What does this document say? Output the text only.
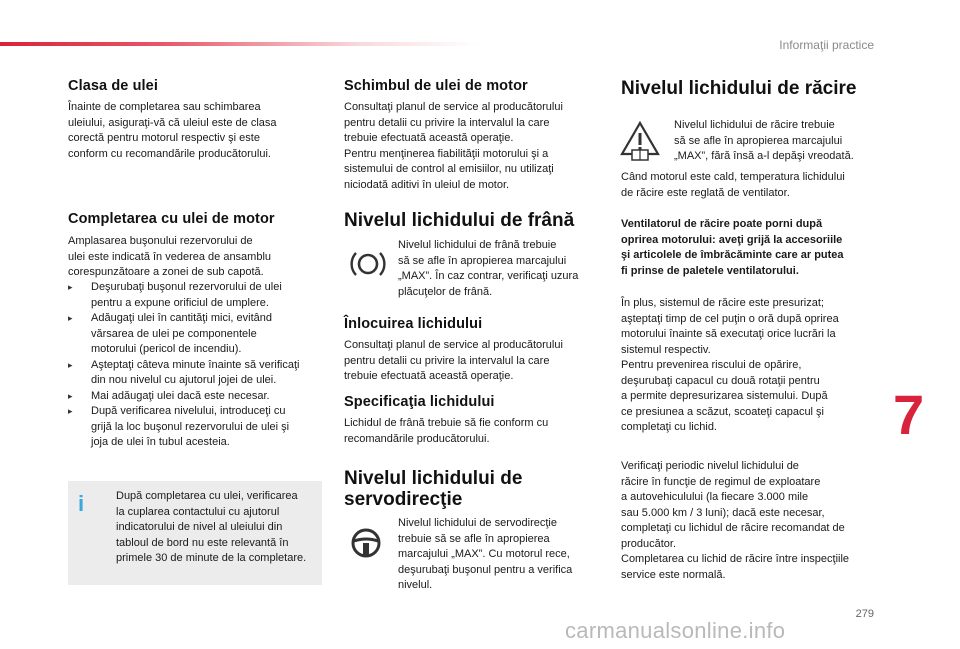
Informaţii practice
Clasa de ulei

Înainte de completarea sau schimbarea
uleiului, asiguraţi-vă că uleiul este de clasa
corectă pentru motorul respectiv şi este
conform cu recomandările producătorului.

Completarea cu ulei de motor

Amplasarea buşonului rezervorului de
ulei este indicată în vederea de ansamblu
corespunzătoare a zonei de sub capotă.

▸ Deşurubaţi buşonul rezervorului de ulei
pentru a expune orificiul de umplere.
▸ Adăugaţi ulei în cantităţi mici, evitând
vărsarea de ulei pe componentele
motorului (pericol de incendiu).
▸ Aşteptaţi câteva minute înainte să verificaţi
din nou nivelul cu ajutorul jojei de ulei.
▸ Mai adăugaţi ulei dacă este necesar.
▸ După verificarea nivelului, introduceţi cu
grijă la loc buşonul rezervorului de ulei şi
joja de ulei în tubul acesteia.
i	După completarea cu ulei, verificarea
la cuplarea contactului cu ajutorul
indicatorului de nivel al uleiului din
tabloul de bord nu este relevantă în
primele 30 de minute de la completare.

Schimbul de ulei de motor

Consultaţi planul de service al producătorului
pentru detalii cu privire la intervalul la care
trebuie efectuată această operaţie.
Pentru menţinerea fiabilităţii motorului şi a
sistemului de control al emisiilor, nu utilizaţi
niciodată aditivi în uleiul de motor.

Nivelul lichidului de frână

Nivelul lichidului de frână trebuie
să se afle în apropierea marcajului
„MAX”. În caz contrar, verificaţi uzura
plăcuţelor de frână.

Înlocuirea lichidului

Consultaţi planul de service al producătorului
pentru detalii cu privire la intervalul la care
trebuie efectuată această operaţie.

Specificaţia lichidului

Lichidul de frână trebuie să fie conform cu
recomandările producătorului.

Nivelul lichidului de
servodirecţie

Nivelul lichidului de servodirecţie
trebuie să se afle în apropierea
marcajului „MAX”. Cu motorul rece,
deşurubaţi buşonul pentru a verifica
nivelul.

Nivelul lichidului de răcire

Nivelul lichidului de răcire trebuie
să se afle în apropierea marcajului
„MAX”, fără însă a-l depăşi vreodată.

Când motorul este cald, temperatura lichidului
de răcire este reglată de ventilator.

Ventilatorul de răcire poate porni după
oprirea motorului: aveţi grijă la accesoriile
şi articolele de îmbrăcăminte care ar putea
fi prinse de paletele ventilatorului.

În plus, sistemul de răcire este presurizat;
aşteptaţi timp de cel puţin o oră după oprirea
motorului înainte să executaţi orice lucrări la
sistemul respectiv.
Pentru prevenirea riscului de opărire,
deşurubaţi capacul cu două rotaţii pentru
a permite depresurizarea sistemului. După
ce presiunea a scăzut, scoateţi capacul şi
completaţi cu lichid.

Verificaţi periodic nivelul lichidului de
răcire în funcţie de regimul de exploatare
a autovehiculului (la fiecare 3.000 mile
sau 5.000 km / 3 luni); dacă este necesar,
completaţi cu lichidul de răcire recomandat de
producător.
Completarea cu lichid de răcire între inspecţiile
service este normală.

7
279
carmanualsonline.info
